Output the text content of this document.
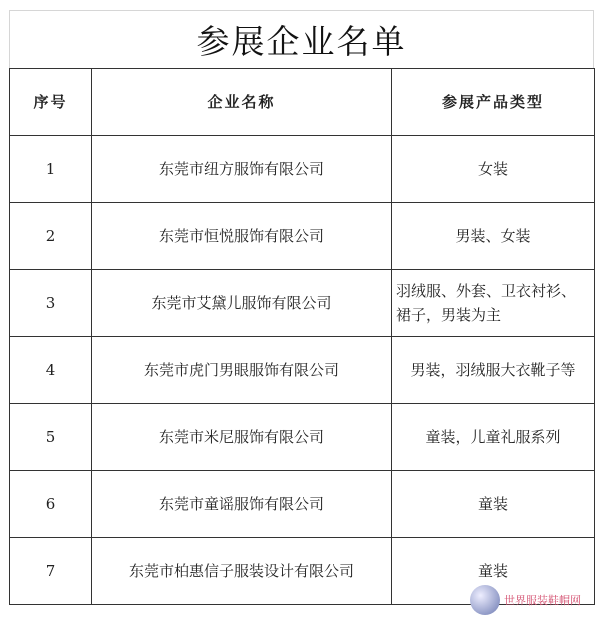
参展企业名单
序号	企业名称	参展产品类型
1	东莞市纽方服饰有限公司	女装
2	东莞市恒悦服饰有限公司	男装、女装
3	东莞市艾黛儿服饰有限公司	羽绒服、外套、卫衣衬衫、裙子，男装为主
4	东莞市虎门男眼服饰有限公司	男装，羽绒服大衣靴子等
5	东莞市米尼服饰有限公司	童装，儿童礼服系列
6	东莞市童谣服饰有限公司	童装
7	东莞市柏惠信子服装设计有限公司	童装
世界服装鞋帽网
